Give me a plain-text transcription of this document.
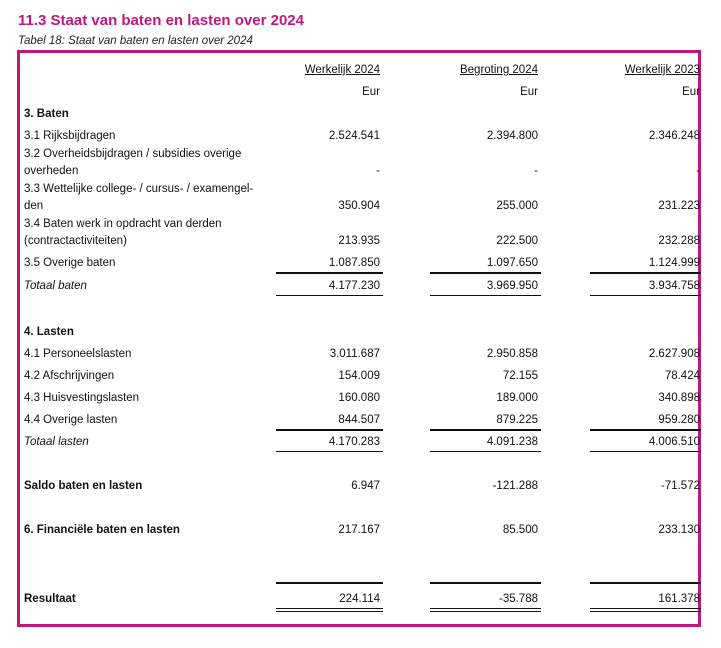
11.3 Staat van baten en lasten over 2024
Tabel 18: Staat van baten en lasten over 2024
Werkelijk 2024	Begroting 2024	Werkelijk 2023
Eur	Eur	Eur
3. Baten
3.1 Rijksbijdragen	2.524.541	2.394.800	2.346.248
3.2 Overheidsbijdragen / subsidies overige
overheden	-	-	-
3.3 Wettelijke college- / cursus- / examengel-
den	350.904	255.000	231.223
3.4 Baten werk in opdracht van derden
(contractactiviteiten)	213.935	222.500	232.288
3.5 Overige baten	1.087.850	1.097.650	1.124.999
Totaal baten	4.177.230	3.969.950	3.934.758
4. Lasten
4.1 Personeelslasten	3.011.687	2.950.858	2.627.908
4.2 Afschrijvingen	154.009	72.155	78.424
4.3 Huisvestingslasten	160.080	189.000	340.898
4.4 Overige lasten	844.507	879.225	959.280
Totaal lasten	4.170.283	4.091.238	4.006.510
Saldo baten en lasten	6.947	-121.288	-71.572
6. Financiële baten en lasten	217.167	85.500	233.130
Resultaat	224.114	-35.788	161.378
